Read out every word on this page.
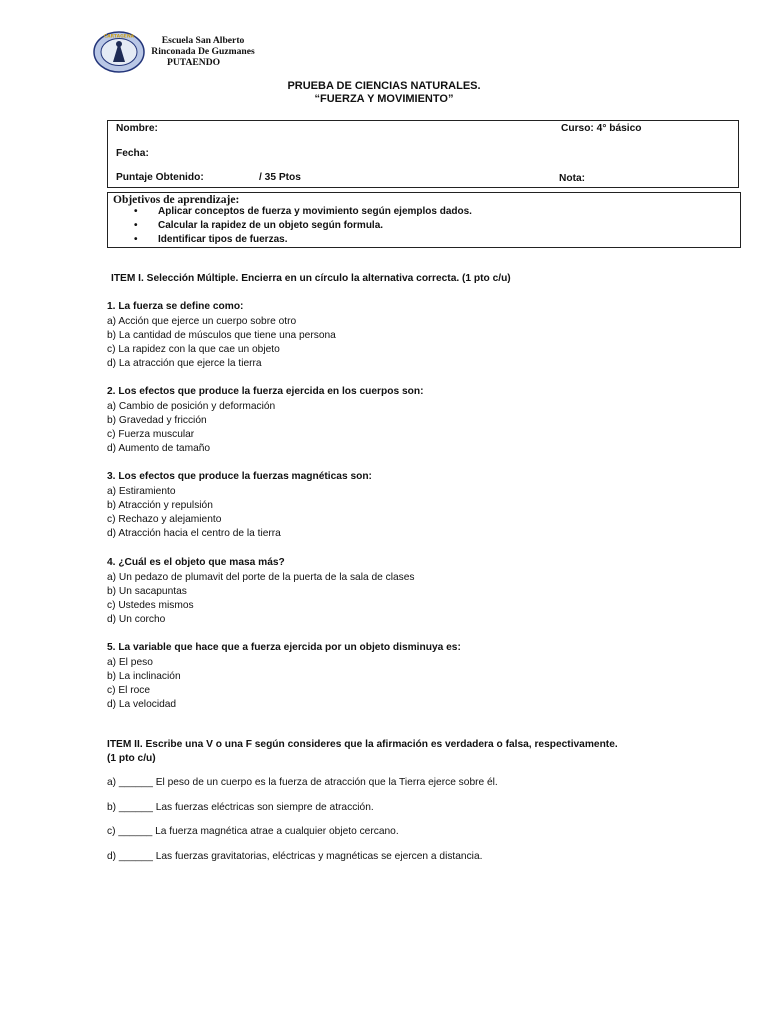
CARTAGENA	Escuela San Alberto
Rinconada De Guzmanes
PUTAENDO
PRUEBA DE CIENCIAS NATURALES.
“FUERZA Y MOVIMIENTO”
Nombre:	Curso: 4° básico
Fecha:
Puntaje Obtenido:	/ 35 Ptos	Nota:
Objetivos de aprendizaje:
• Aplicar conceptos de fuerza y movimiento según ejemplos dados.
• Calcular la rapidez de un objeto según formula.
• Identificar tipos de fuerzas.
ITEM I. Selección Múltiple. Encierra en un círculo la alternativa correcta. (1 pto c/u)
1. La fuerza se define como:
a) Acción que ejerce un cuerpo sobre otro
b) La cantidad de músculos que tiene una persona
c) La rapidez con la que cae un objeto
d) La atracción que ejerce la tierra
2. Los efectos que produce la fuerza ejercida en los cuerpos son:
a) Cambio de posición y deformación
b) Gravedad y fricción
c) Fuerza muscular
d) Aumento de tamaño
3. Los efectos que produce la fuerzas magnéticas son:
a) Estiramiento
b) Atracción y repulsión
c) Rechazo y alejamiento
d) Atracción hacia el centro de la tierra
4. ¿Cuál es el objeto que masa más?
a) Un pedazo de plumavit del porte de la puerta de la sala de clases
b) Un sacapuntas
c) Ustedes mismos
d) Un corcho
5. La variable que hace que a fuerza ejercida por un objeto disminuya es:
a) El peso
b) La inclinación
c) El roce
d) La velocidad
ITEM II. Escribe una V o una F según consideres que la afirmación es verdadera o falsa, respectivamente.
(1 pto c/u)
a) ______ El peso de un cuerpo es la fuerza de atracción que la Tierra ejerce sobre él.
b) ______ Las fuerzas eléctricas son siempre de atracción.
c) ______ La fuerza magnética atrae a cualquier objeto cercano.
d) ______ Las fuerzas gravitatorias, eléctricas y magnéticas se ejercen a distancia.
